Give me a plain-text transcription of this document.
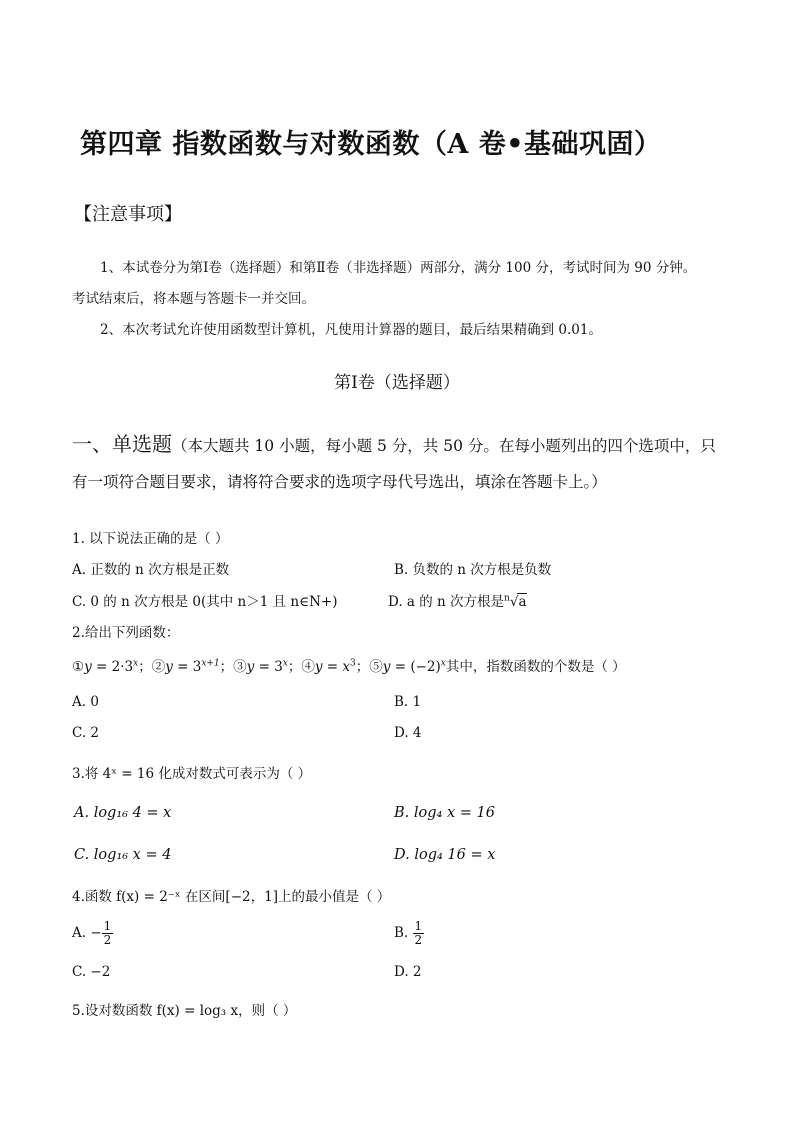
第四章 指数函数与对数函数（A 卷•基础巩固）
【注意事项】
1、本试卷分为第Ⅰ卷（选择题）和第Ⅱ卷（非选择题）两部分，满分 100 分，考试时间为 90 分钟。
考试结束后，将本题与答题卡一并交回。
2、本次考试允许使用函数型计算机，凡使用计算器的题目，最后结果精确到 0.01。
第Ⅰ卷（选择题）
一、单选题（本大题共 10 小题，每小题 5 分，共 50 分。在每小题列出的四个选项中，只
有一项符合题目要求，请将符合要求的选项字母代号选出，填涂在答题卡上。）
1. 以下说法正确的是（ ）
A. 正数的 n 次方根是正数	B. 负数的 n 次方根是负数
C. 0 的 n 次方根是 0(其中 n＞1 且 n∈N+)	D. a 的 n 次方根是$^n$√a
2.给出下列函数：
①y = $2\cdot 3^x$；②y = $3^{x+1}$；③y = $3^x$；④y = $x^3$；⑤y = $(-2)^x$其中，指数函数的个数是（ ）
A. 0	B. 1
C. 2	D. 4
3.将 4ˣ = 16 化成对数式可表示为（ ）
A. log₁₆ 4 = x	B. log₄ x = 16
C. log₁₆ x = 4	D. log₄ 16 = x
4.函数 f(x) = 2⁻ˣ 在区间[−2，1]上的最小值是（ ）
A. − $\frac{1}{2}$	B. $\frac{1}{2}$
C. −2	D. 2
5.设对数函数 f(x) = log₃ x，则（ ）
